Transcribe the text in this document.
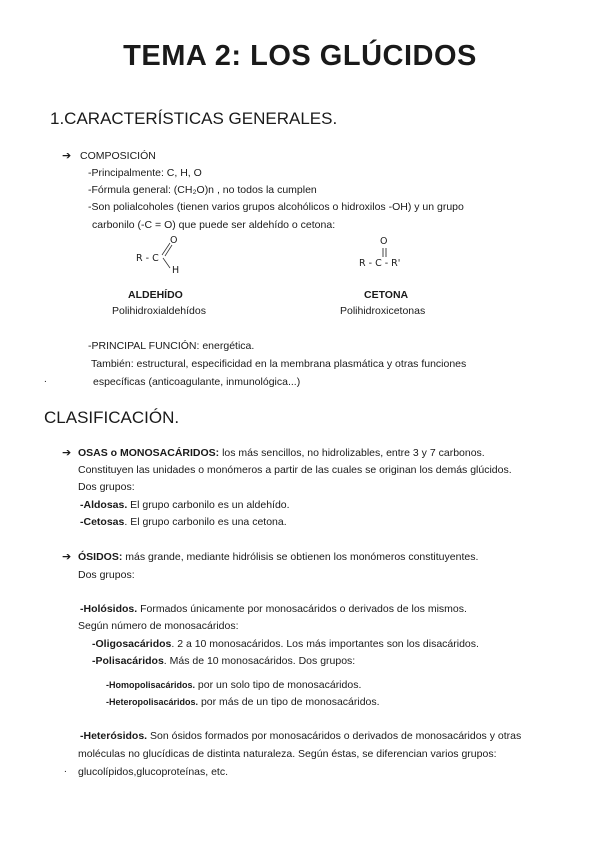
TEMA 2: LOS GLÚCIDOS
1.CARACTERÍSTICAS GENERALES.
➔ COMPOSICIÓN
-Principalmente: C, H, O
-Fórmula general: (CH₂O)n , no todos la cumplen
-Son polialcoholes (tienen varios grupos alcohólicos o hidroxilos -OH) y un grupo
carbonilo (-C = O) que puede ser aldehído o cetona:
O
R - C
H
O
R - C - R'
ALDEHÍDO
Polihidroxialdehídos
CETONA
Polihidroxicetonas
-PRINCIPAL FUNCIÓN: energética.
También: estructural, especificidad en la membrana plasmática y otras funciones
.	específicas (anticoagulante, inmunológica...)
CLASIFICACIÓN.
➔ OSAS o MONOSACÁRIDOS: los más sencillos, no hidrolizables, entre 3 y 7 carbonos.
Constituyen las unidades o monómeros a partir de las cuales se originan los demás glúcidos.
Dos grupos:
-Aldosas. El grupo carbonilo es un aldehído.
-Cetosas. El grupo carbonilo es una cetona.
➔ ÓSIDOS: más grande, mediante hidrólisis se obtienen los monómeros constituyentes.
Dos grupos:
-Holósidos. Formados únicamente por monosacáridos o derivados de los mismos.
Según número de monosacáridos:
-Oligosacáridos. 2 a 10 monosacáridos. Los más importantes son los disacáridos.
-Polisacáridos. Más de 10 monosacáridos. Dos grupos:
-Homopolisacáridos. por un solo tipo de monosacáridos.
-Heteropolisacáridos. por más de un tipo de monosacáridos.
-Heterósidos. Son ósidos formados por monosacáridos o derivados de monosacáridos y otras
moléculas no glucídicas de distinta naturaleza. Según éstas, se diferencian varios grupos:
. glucolípidos,glucoproteínas, etc.
